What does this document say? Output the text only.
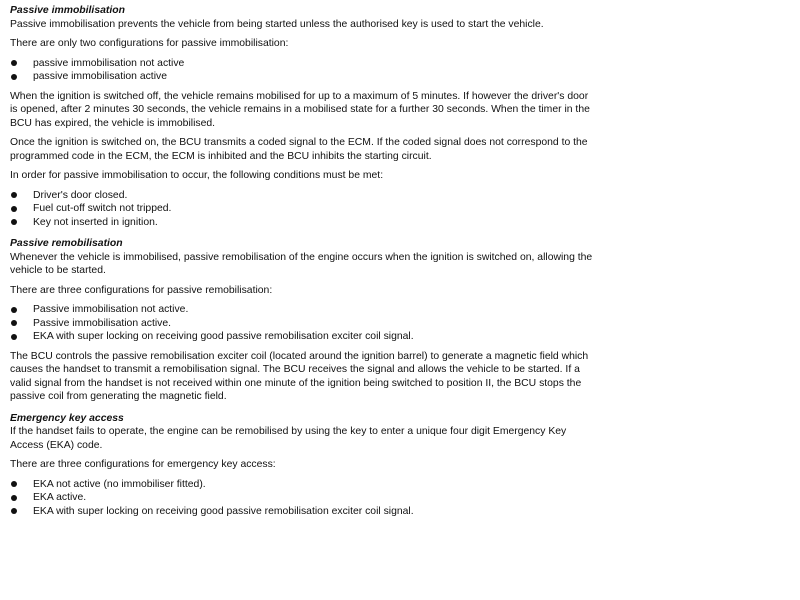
Passive immobilisation

Passive immobilisation prevents the vehicle from being started unless the authorised key is used to start the vehicle.

There are only two configurations for passive immobilisation:

passive immobilisation not active
passive immobilisation active

When the ignition is switched off, the vehicle remains mobilised for up to a maximum of 5 minutes. If however the driver's door is opened, after 2 minutes 30 seconds, the vehicle remains in a mobilised state for a further 30 seconds. When the timer in the BCU has expired, the vehicle is immobilised.

Once the ignition is switched on, the BCU transmits a coded signal to the ECM. If the coded signal does not correspond to the programmed code in the ECM, the ECM is inhibited and the BCU inhibits the starting circuit.

In order for passive immobilisation to occur, the following conditions must be met:

Driver's door closed.
Fuel cut-off switch not tripped.
Key not inserted in ignition.
Passive remobilisation

Whenever the vehicle is immobilised, passive remobilisation of the engine occurs when the ignition is switched on, allowing the vehicle to be started.

There are three configurations for passive remobilisation:

Passive immobilisation not active.
Passive immobilisation active.
EKA with super locking on receiving good passive remobilisation exciter coil signal.

The BCU controls the passive remobilisation exciter coil (located around the ignition barrel) to generate a magnetic field which causes the handset to transmit a remobilisation signal. The BCU receives the signal and allows the vehicle to be started. If a valid signal from the handset is not received within one minute of the ignition being switched to position II, the BCU stops the passive coil from generating the magnetic field.

Emergency key access

If the handset fails to operate, the engine can be remobilised by using the key to enter a unique four digit Emergency Key Access (EKA) code.

There are three configurations for emergency key access:

EKA not active (no immobiliser fitted).
EKA active.
EKA with super locking on receiving good passive remobilisation exciter coil signal.
